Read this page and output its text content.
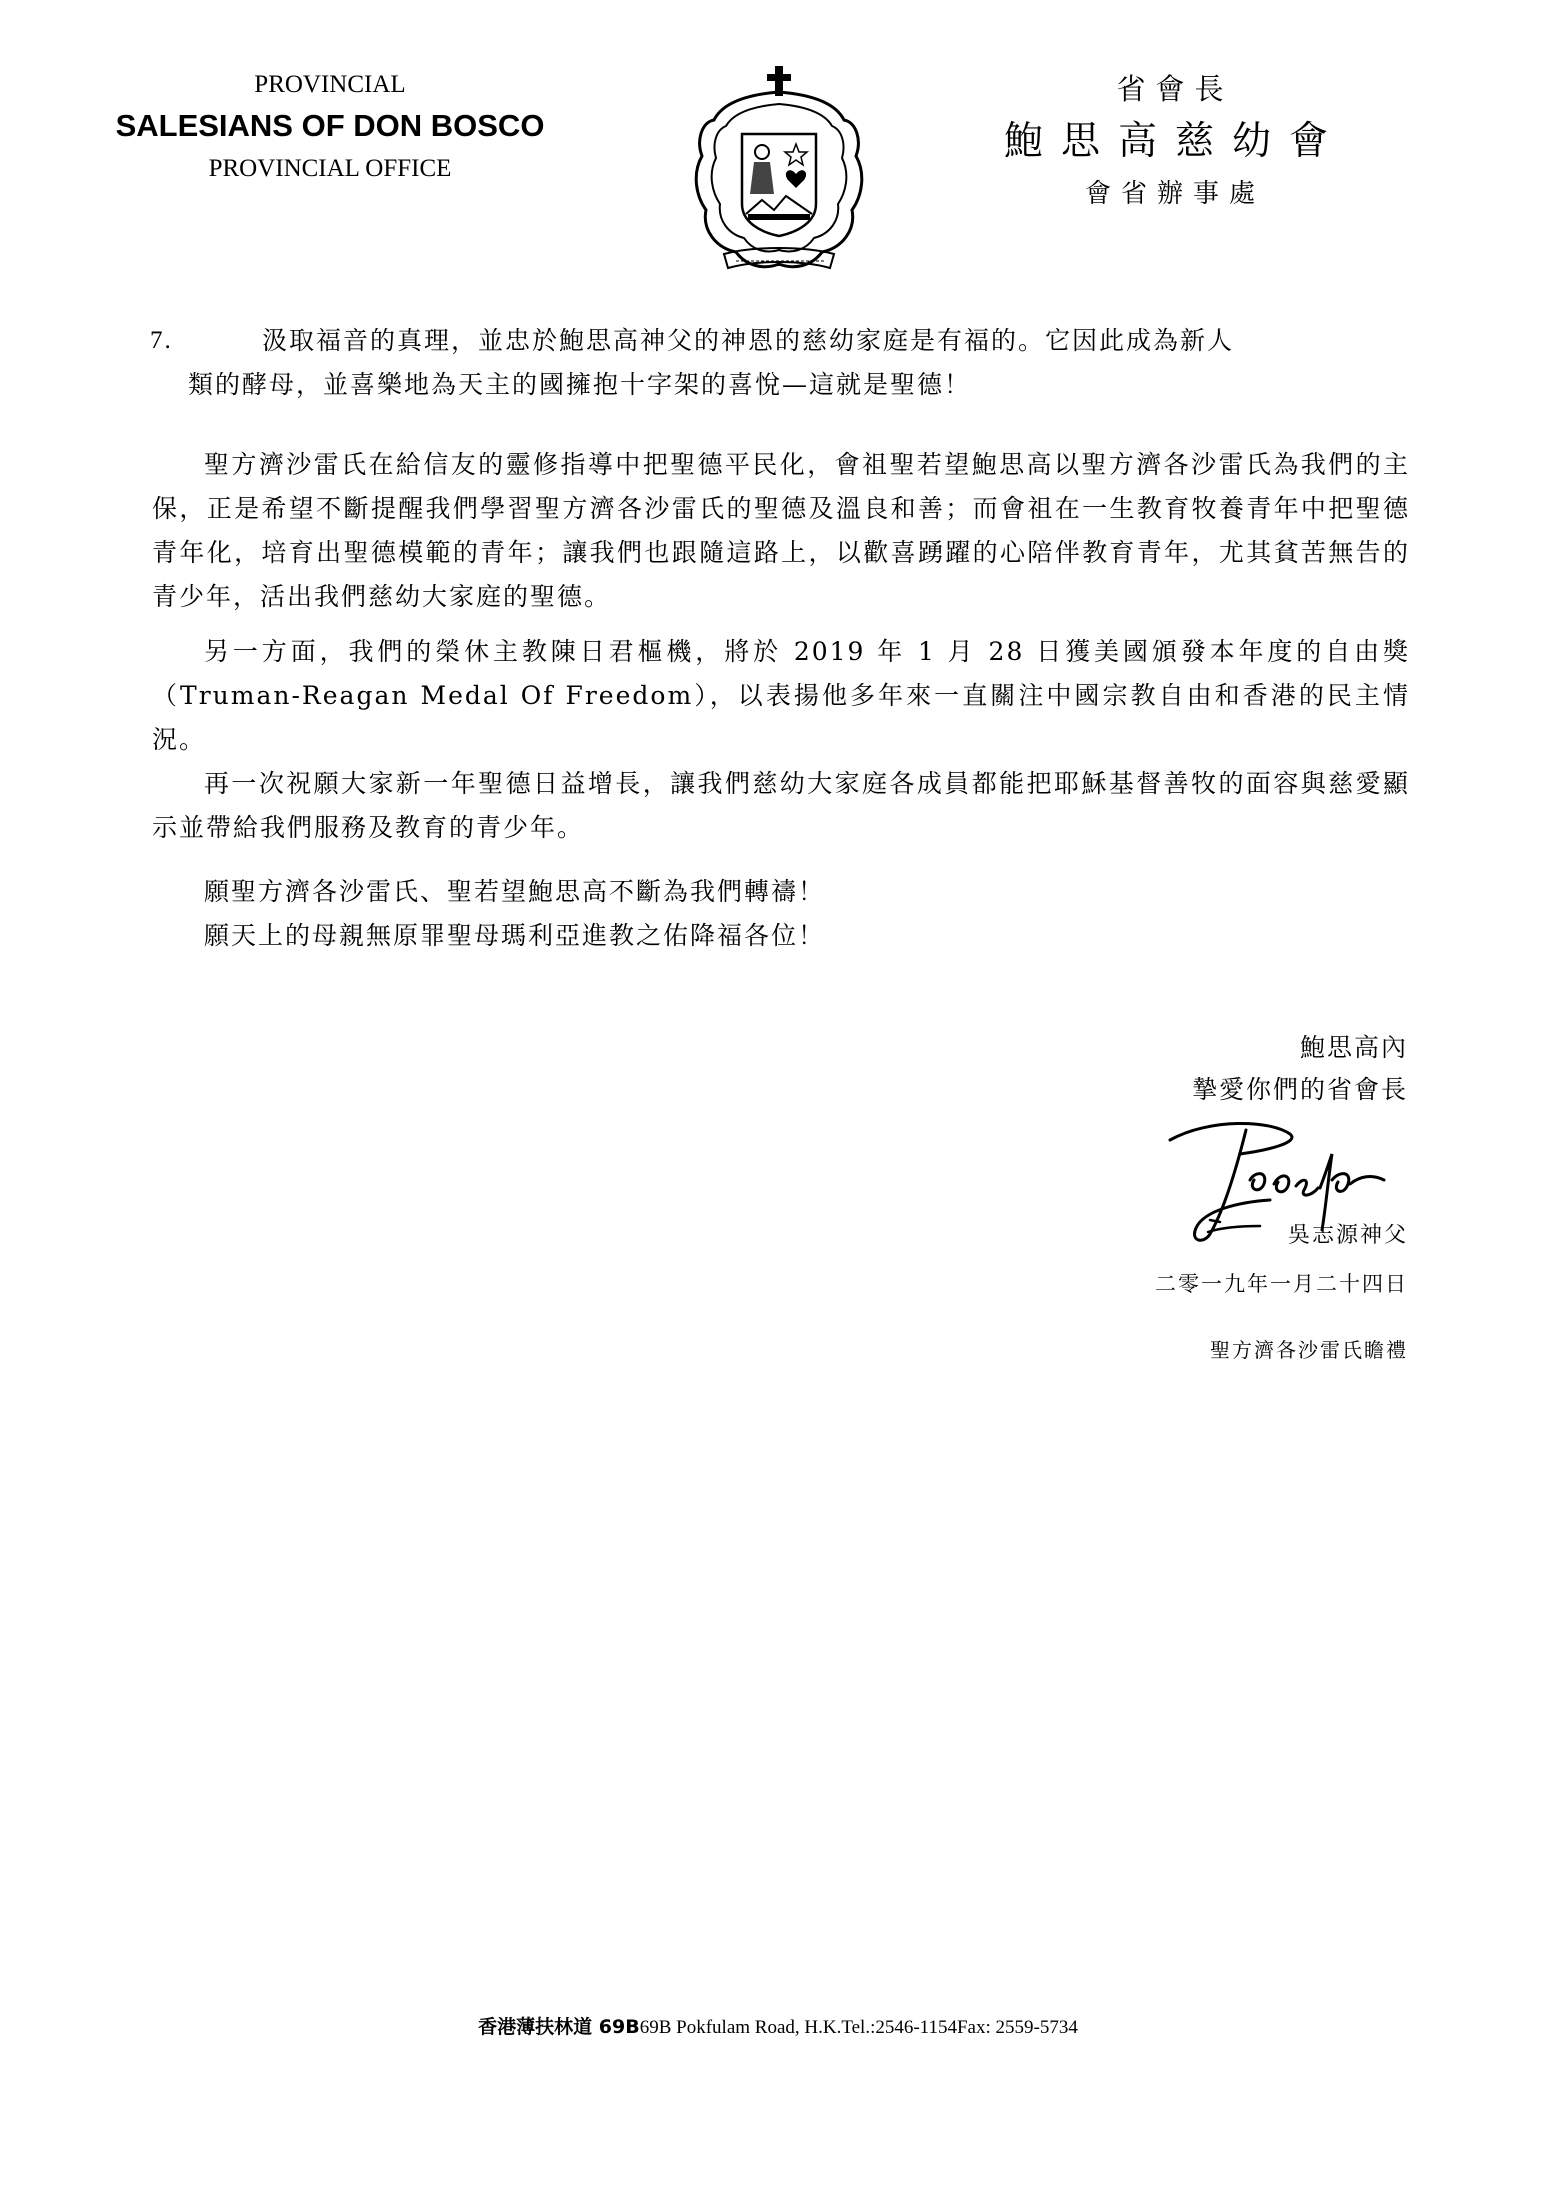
PROVINCIAL
SALESIANS OF DON BOSCO
PROVINCIAL OFFICE
省會長
鮑思高慈幼會
會省辦事處
7.	汲取福音的真理，並忠於鮑思高神父的神恩的慈幼家庭是有福的。它因此成為新人
類的酵母，並喜樂地為天主的國擁抱十字架的喜悅—這就是聖德！
聖方濟沙雷氏在給信友的靈修指導中把聖德平民化，會祖聖若望鮑思高以聖方濟各沙雷氏為我們的主保，正是希望不斷提醒我們學習聖方濟各沙雷氏的聖德及溫良和善；而會祖在一生教育牧養青年中把聖德青年化，培育出聖德模範的青年；讓我們也跟隨這路上，以歡喜踴躍的心陪伴教育青年，尤其貧苦無告的青少年，活出我們慈幼大家庭的聖德。
另一方面，我們的榮休主教陳日君樞機，將於 2019 年 1 月 28 日獲美國頒發本年度的自由獎（Truman-Reagan Medal Of Freedom），以表揚他多年來一直關注中國宗教自由和香港的民主情況。
再一次祝願大家新一年聖德日益增長，讓我們慈幼大家庭各成員都能把耶穌基督善牧的面容與慈愛顯示並帶給我們服務及教育的青少年。
願聖方濟各沙雷氏、聖若望鮑思高不斷為我們轉禱！
願天上的母親無原罪聖母瑪利亞進教之佑降福各位！
鮑思高內
摯愛你們的省會長
吳志源神父
二零一九年一月二十四日
聖方濟各沙雷氏瞻禮
香港薄扶林道 69B69B Pokfulam Road, H.K.Tel.:2546-1154Fax: 2559-5734
